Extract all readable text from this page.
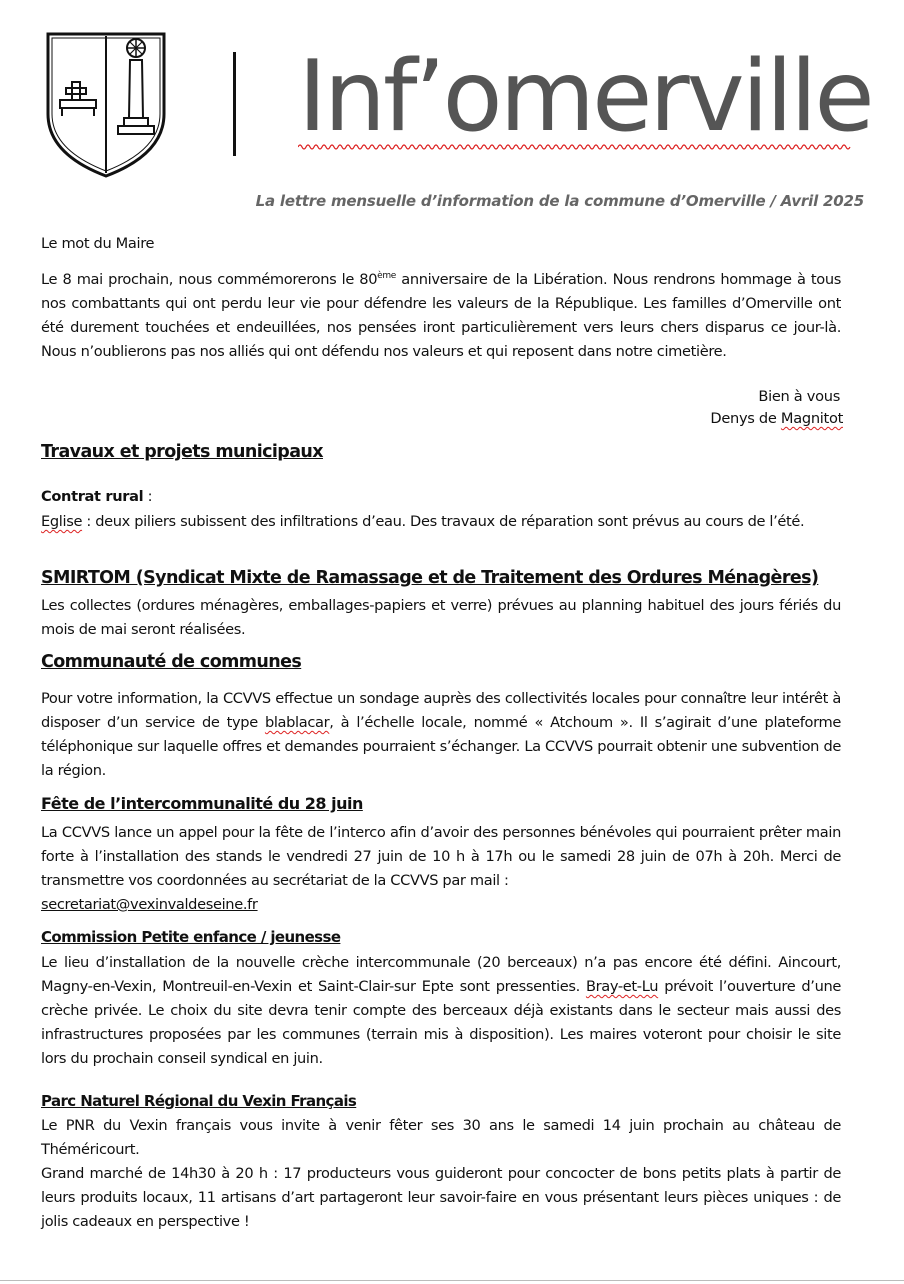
Inf’omerville
La lettre mensuelle d’information de la commune d’Omerville / Avril 2025
Le mot du Maire
Le 8 mai prochain, nous commémorerons le 80ème anniversaire de la Libération. Nous rendrons hommage à tous nos combattants qui ont perdu leur vie pour défendre les valeurs de la République. Les familles d’Omerville ont été durement touchées et endeuillées, nos pensées iront particulièrement vers leurs chers disparus ce jour-là. Nous n’oublierons pas nos alliés qui ont défendu nos valeurs et qui reposent dans notre cimetière.
Bien à vous
Denys de Magnitot
Travaux et projets municipaux
Contrat rural :
Eglise : deux piliers subissent des infiltrations d’eau. Des travaux de réparation sont prévus au cours de l’été.
SMIRTOM (Syndicat Mixte de Ramassage et de Traitement des Ordures Ménagères)
Les collectes (ordures ménagères, emballages-papiers et verre) prévues au planning habituel des jours fériés du mois de mai seront réalisées.
Communauté de communes
Pour votre information, la CCVVS effectue un sondage auprès des collectivités locales pour connaître leur intérêt à disposer d’un service de type blablacar, à l’échelle locale, nommé « Atchoum ». Il s’agirait d’une plateforme téléphonique sur laquelle offres et demandes pourraient s’échanger. La CCVVS pourrait obtenir une subvention de la région.
Fête de l’intercommunalité du 28 juin
La CCVVS lance un appel pour la fête de l’interco afin d’avoir des personnes bénévoles qui pourraient prêter main forte à l’installation des stands le vendredi 27 juin de 10 h à 17h ou le samedi 28 juin de 07h à 20h. Merci de transmettre vos coordonnées au secrétariat de la CCVVS par mail :
secretariat@vexinvaldeseine.fr
Commission Petite enfance / jeunesse
Le lieu d’installation de la nouvelle crèche intercommunale (20 berceaux) n’a pas encore été défini. Aincourt, Magny-en-Vexin, Montreuil-en-Vexin et Saint-Clair-sur Epte sont pressenties. Bray-et-Lu prévoit l’ouverture d’une crèche privée. Le choix du site devra tenir compte des berceaux déjà existants dans le secteur mais aussi des infrastructures proposées par les communes (terrain mis à disposition). Les maires voteront pour choisir le site lors du prochain conseil syndical en juin.
Parc Naturel Régional du Vexin Français
Le PNR du Vexin français vous invite à venir fêter ses 30 ans le samedi 14 juin prochain au château de Théméricourt.
Grand marché de 14h30 à 20 h : 17 producteurs vous guideront pour concocter de bons petits plats à partir de leurs produits locaux, 11 artisans d’art partageront leur savoir-faire en vous présentant leurs pièces uniques : de jolis cadeaux en perspective !
